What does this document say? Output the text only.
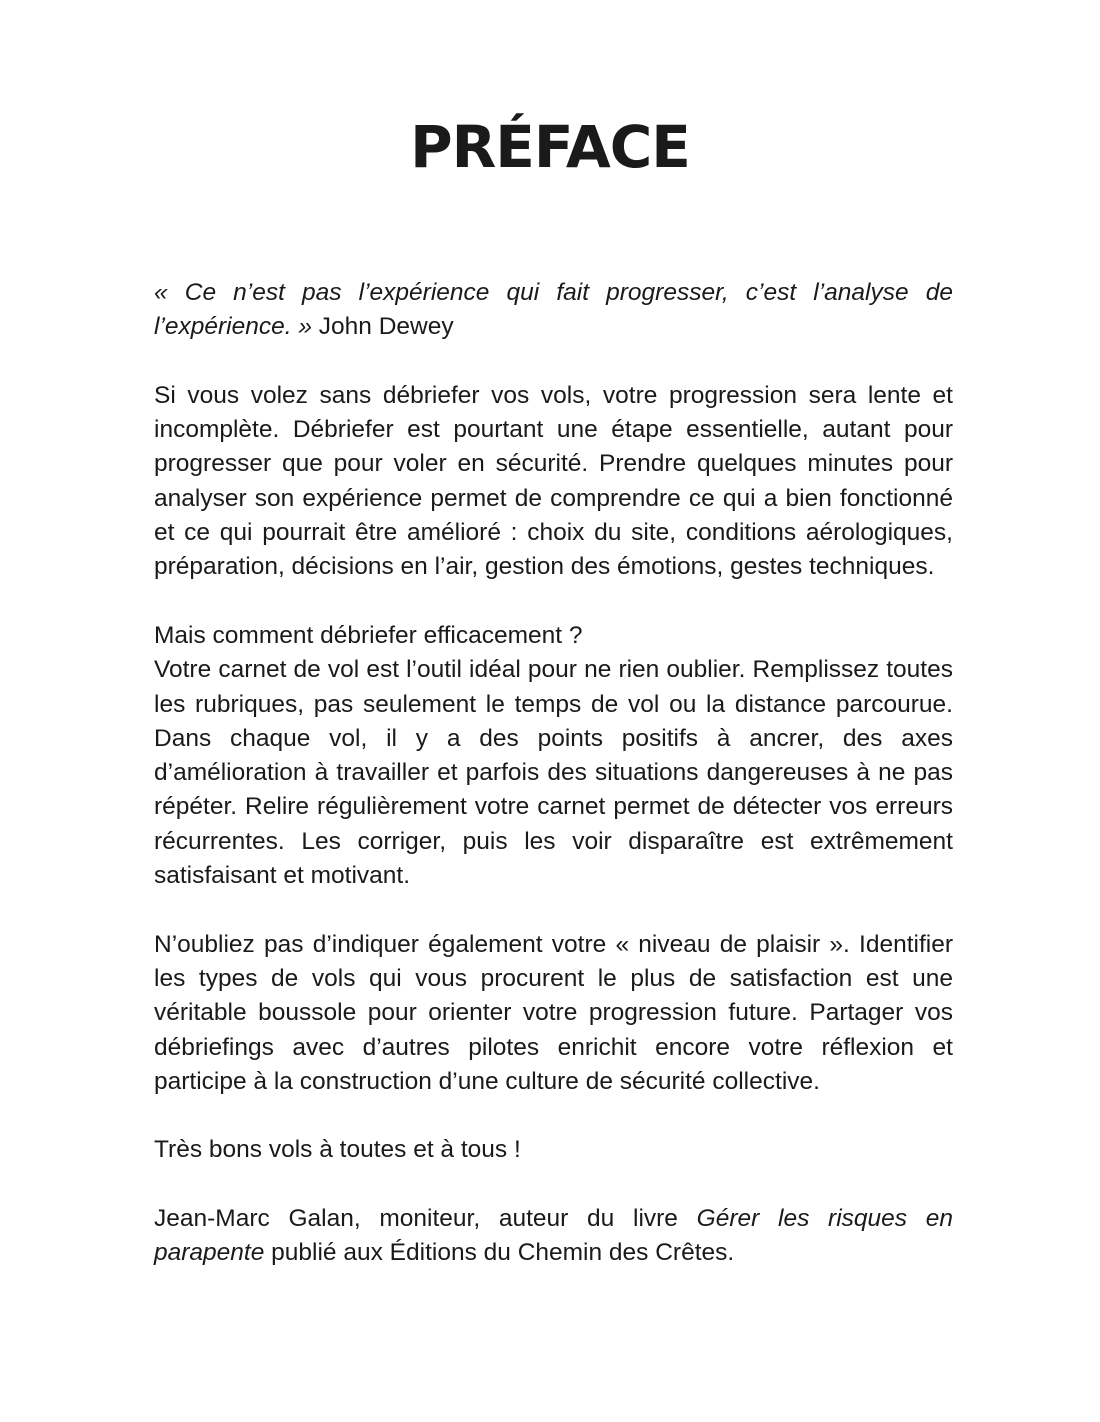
PRÉFACE

« Ce n’est pas l’expérience qui fait progresser, c’est l’analyse de l’expérience. » John Dewey

Si vous volez sans débriefer vos vols, votre progression sera lente et incomplète. Débriefer est pourtant une étape essentielle, autant pour progresser que pour voler en sécurité. Prendre quelques minutes pour analyser son expérience permet de comprendre ce qui a bien fonctionné et ce qui pourrait être amélioré : choix du site, conditions aérologiques, préparation, décisions en l’air, gestion des émotions, gestes techniques.

Mais comment débriefer efficacement ?

Votre carnet de vol est l’outil idéal pour ne rien oublier. Remplissez toutes les rubriques, pas seulement le temps de vol ou la distance parcourue. Dans chaque vol, il y a des points positifs à ancrer, des axes d’amélioration à travailler et parfois des situations dangereuses à ne pas répéter. Relire régulièrement votre carnet permet de détecter vos erreurs récurrentes. Les corriger, puis les voir disparaître est extrêmement satisfaisant et motivant.

N’oubliez pas d’indiquer également votre « niveau de plaisir ». Identifier les types de vols qui vous procurent le plus de satisfaction est une véritable boussole pour orienter votre progression future. Partager vos débriefings avec d’autres pilotes enrichit encore votre réflexion et participe à la construction d’une culture de sécurité collective.

Très bons vols à toutes et à tous !

Jean-Marc Galan, moniteur, auteur du livre Gérer les risques en parapente publié aux Éditions du Chemin des Crêtes.
